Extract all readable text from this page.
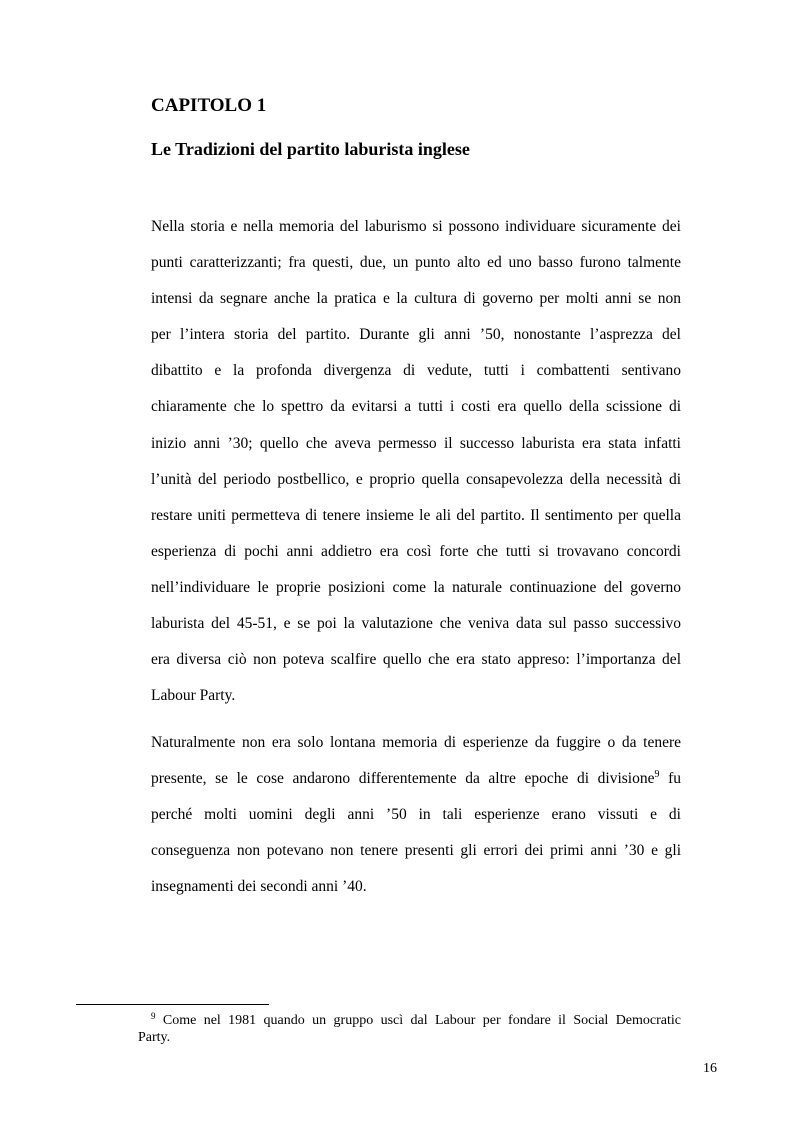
CAPITOLO 1
Le Tradizioni del partito laburista inglese
Nella storia e nella memoria del laburismo si possono individuare sicuramente dei
punti caratterizzanti; fra questi, due, un punto alto ed uno basso furono talmente
intensi da segnare anche la pratica e la cultura di governo per molti anni se non
per l’intera storia del partito. Durante gli anni ’50, nonostante l’asprezza del
dibattito e la profonda divergenza di vedute, tutti i combattenti sentivano
chiaramente che lo spettro da evitarsi a tutti i costi era quello della scissione di
inizio anni ’30; quello che aveva permesso il successo laburista era stata infatti
l’unità del periodo postbellico, e proprio quella consapevolezza della necessità di
restare uniti permetteva di tenere insieme le ali del partito. Il sentimento per quella
esperienza di pochi anni addietro era così forte che tutti si trovavano concordi
nell’individuare le proprie posizioni come la naturale continuazione del governo
laburista del 45-51, e se poi la valutazione che veniva data sul passo successivo
era diversa ciò non poteva scalfire quello che era stato appreso: l’importanza del
Labour Party.
Naturalmente non era solo lontana memoria di esperienze da fuggire o da tenere
presente, se le cose andarono differentemente da altre epoche di divisione$^9$ fu
perché molti uomini degli anni ’50 in tali esperienze erano vissuti e di
conseguenza non potevano non tenere presenti gli errori dei primi anni ’30 e gli
insegnamenti dei secondi anni ’40.
$^9$ Come nel 1981 quando un gruppo uscì dal Labour per fondare il Social Democratic
Party.
16
